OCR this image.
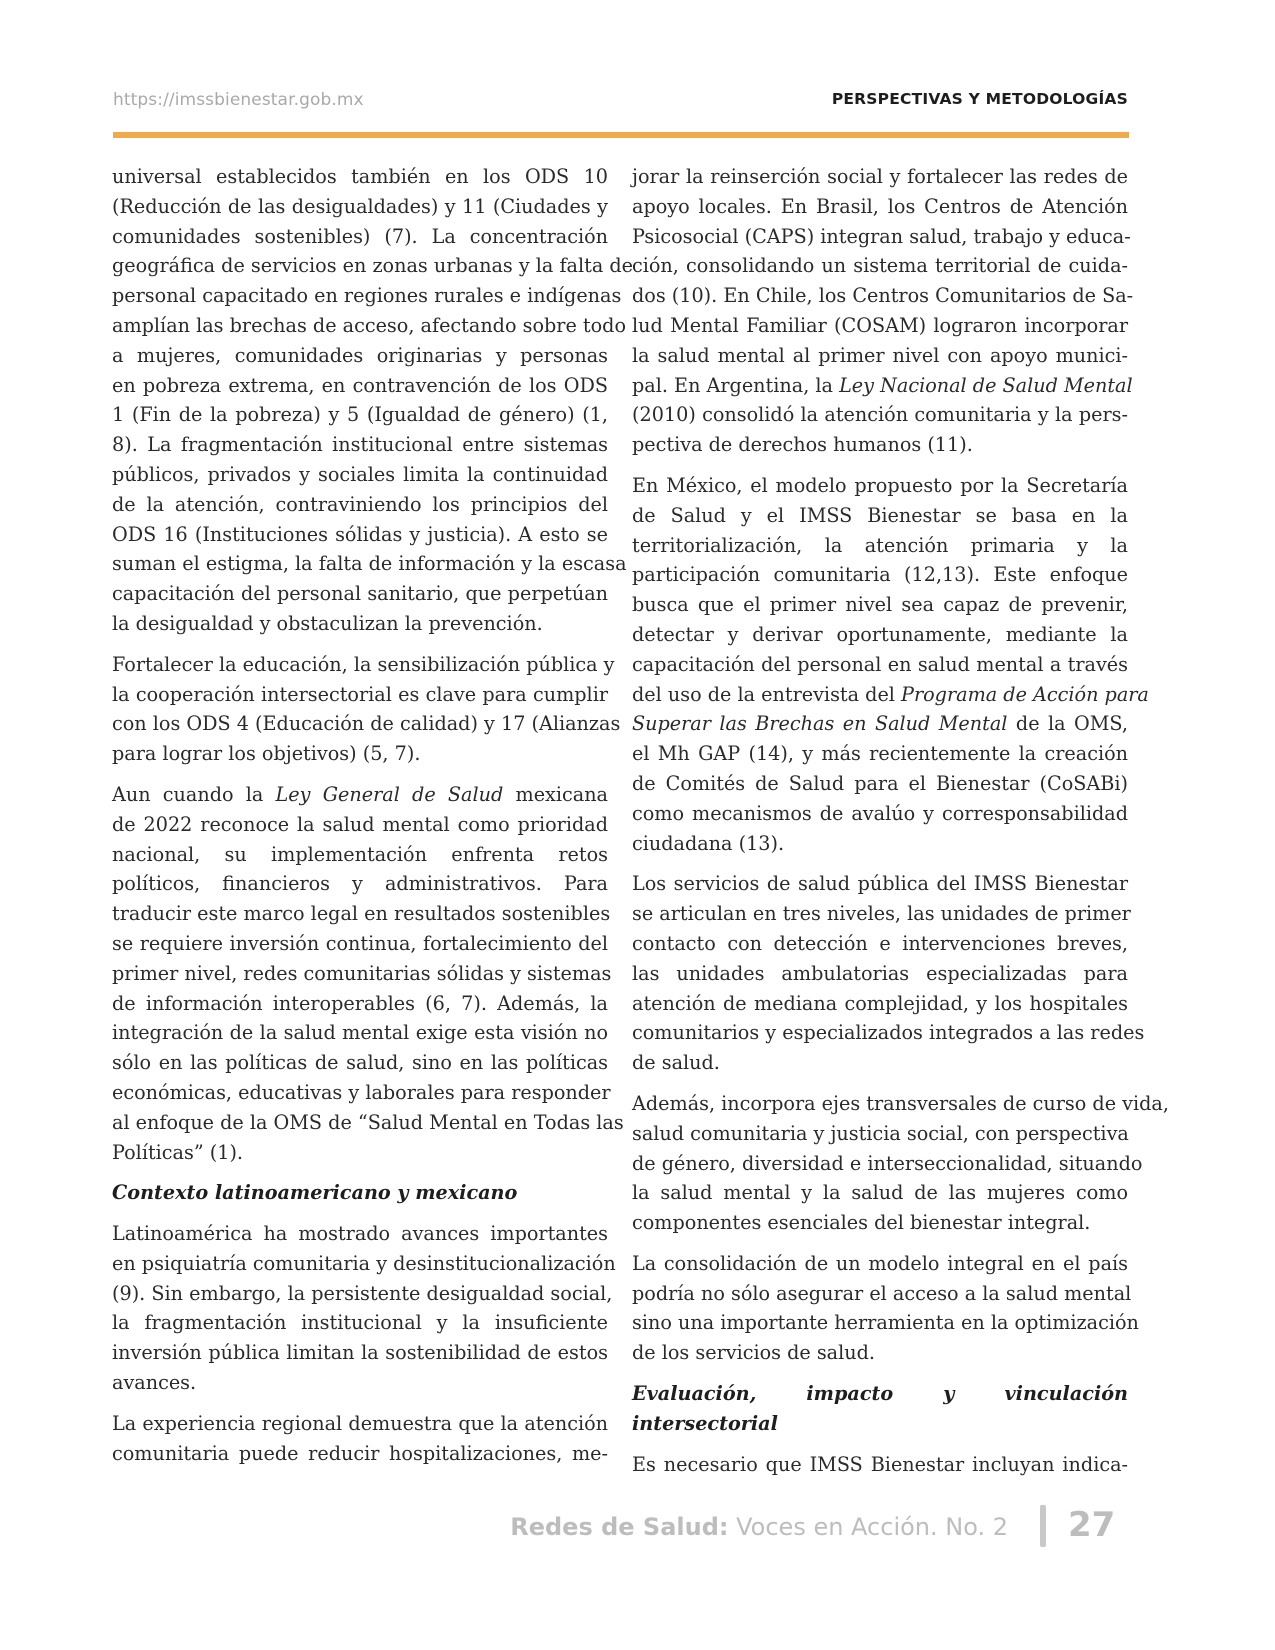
https://imssbienestar.gob.mx	PERSPECTIVAS Y METODOLOGÍAS
universal establecidos también en los ODS 10
(Reducción de las desigualdades) y 11 (Ciudades y
comunidades sostenibles) (7). La concentración
geográfica de servicios en zonas urbanas y la falta de
personal capacitado en regiones rurales e indígenas
amplían las brechas de acceso, afectando sobre todo
a mujeres, comunidades originarias y personas
en pobreza extrema, en contravención de los ODS
1 (Fin de la pobreza) y 5 (Igualdad de género) (1,
8). La fragmentación institucional entre sistemas
públicos, privados y sociales limita la continuidad
de la atención, contraviniendo los principios del
ODS 16 (Instituciones sólidas y justicia). A esto se
suman el estigma, la falta de información y la escasa
capacitación del personal sanitario, que perpetúan
la desigualdad y obstaculizan la prevención.
Fortalecer la educación, la sensibilización pública y
la cooperación intersectorial es clave para cumplir
con los ODS 4 (Educación de calidad) y 17 (Alianzas
para lograr los objetivos) (5, 7).
Aun cuando la Ley General de Salud mexicana
de 2022 reconoce la salud mental como prioridad
nacional, su implementación enfrenta retos
políticos, financieros y administrativos. Para
traducir este marco legal en resultados sostenibles
se requiere inversión continua, fortalecimiento del
primer nivel, redes comunitarias sólidas y sistemas
de información interoperables (6, 7). Además, la
integración de la salud mental exige esta visión no
sólo en las políticas de salud, sino en las políticas
económicas, educativas y laborales para responder
al enfoque de la OMS de “Salud Mental en Todas las
Políticas” (1).
Contexto latinoamericano y mexicano
Latinoamérica ha mostrado avances importantes
en psiquiatría comunitaria y desinstitucionalización
(9). Sin embargo, la persistente desigualdad social,
la fragmentación institucional y la insuficiente
inversión pública limitan la sostenibilidad de estos
avances.
La experiencia regional demuestra que la atención
comunitaria puede reducir hospitalizaciones, me-
jorar la reinserción social y fortalecer las redes de
apoyo locales. En Brasil, los Centros de Atención
Psicosocial (CAPS) integran salud, trabajo y educa-
ción, consolidando un sistema territorial de cuida-
dos (10). En Chile, los Centros Comunitarios de Sa-
lud Mental Familiar (COSAM) lograron incorporar
la salud mental al primer nivel con apoyo munici-
pal. En Argentina, la Ley Nacional de Salud Mental
(2010) consolidó la atención comunitaria y la pers-
pectiva de derechos humanos (11).
En México, el modelo propuesto por la Secretaría
de Salud y el IMSS Bienestar se basa en la
territorialización, la atención primaria y la
participación comunitaria (12,13). Este enfoque
busca que el primer nivel sea capaz de prevenir,
detectar y derivar oportunamente, mediante la
capacitación del personal en salud mental a través
del uso de la entrevista del Programa de Acción para
Superar las Brechas en Salud Mental de la OMS,
el Mh GAP (14), y más recientemente la creación
de Comités de Salud para el Bienestar (CoSABi)
como mecanismos de avalúo y corresponsabilidad
ciudadana (13).
Los servicios de salud pública del IMSS Bienestar
se articulan en tres niveles, las unidades de primer
contacto con detección e intervenciones breves,
las unidades ambulatorias especializadas para
atención de mediana complejidad, y los hospitales
comunitarios y especializados integrados a las redes
de salud.
Además, incorpora ejes transversales de curso de vida,
salud comunitaria y justicia social, con perspectiva
de género, diversidad e interseccionalidad, situando
la salud mental y la salud de las mujeres como
componentes esenciales del bienestar integral.
La consolidación de un modelo integral en el país
podría no sólo asegurar el acceso a la salud mental
sino una importante herramienta en la optimización
de los servicios de salud.
Evaluación, impacto y vinculación
intersectorial
Es necesario que IMSS Bienestar incluyan indica-
Redes de Salud: Voces en Acción. No. 2 27
